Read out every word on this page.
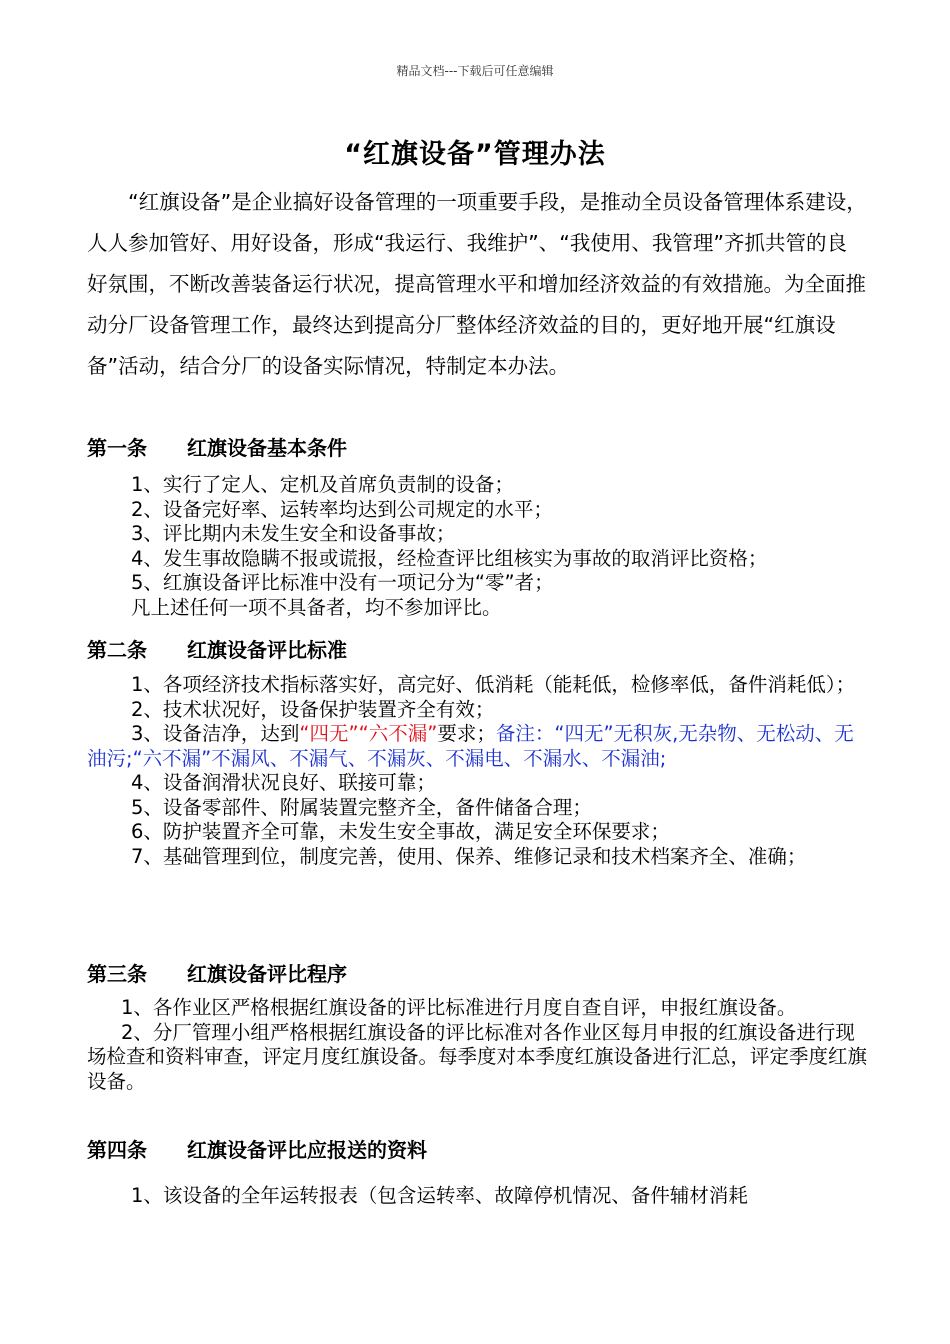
精品文档---下载后可任意编辑
“红旗设备”管理办法

“红旗设备”是企业搞好设备管理的一项重要手段，是推动全员设备管理体系建设，人人参加管好、用好设备，形成“我运行、我维护”、“我使用、我管理”齐抓共管的良好氛围，不断改善装备运行状况，提高管理水平和增加经济效益的有效措施。为全面推动分厂设备管理工作，最终达到提高分厂整体经济效益的目的，更好地开展“红旗设备”活动，结合分厂的设备实际情况，特制定本办法。

第一条 红旗设备基本条件

1、实行了定人、定机及首席负责制的设备；

2、设备完好率、运转率均达到公司规定的水平；

3、评比期内未发生安全和设备事故；

4、发生事故隐瞒不报或谎报，经检查评比组核实为事故的取消评比资格；

5、红旗设备评比标准中没有一项记分为“零”者；

凡上述任何一项不具备者，均不参加评比。

第二条 红旗设备评比标准

1、各项经济技术指标落实好，高完好、低消耗（能耗低，检修率低，备件消耗低）；

2、技术状况好，设备保护装置齐全有效；

3、设备洁净，达到“四无”“六不漏”要求；备注：“四无”无积灰,无杂物、无松动、无油污;“六不漏”不漏风、不漏气、不漏灰、不漏电、不漏水、不漏油;

4、设备润滑状况良好、联接可靠；

5、设备零部件、附属装置完整齐全，备件储备合理；

6、防护装置齐全可靠，未发生安全事故，满足安全环保要求；

7、基础管理到位，制度完善，使用、保养、维修记录和技术档案齐全、准确；

第三条 红旗设备评比程序

1、各作业区严格根据红旗设备的评比标准进行月度自查自评，申报红旗设备。

2、分厂管理小组严格根据红旗设备的评比标准对各作业区每月申报的红旗设备进行现场检查和资料审查，评定月度红旗设备。每季度对本季度红旗设备进行汇总，评定季度红旗设备。

第四条 红旗设备评比应报送的资料

1、该设备的全年运转报表（包含运转率、故障停机情况、备件辅材消耗
